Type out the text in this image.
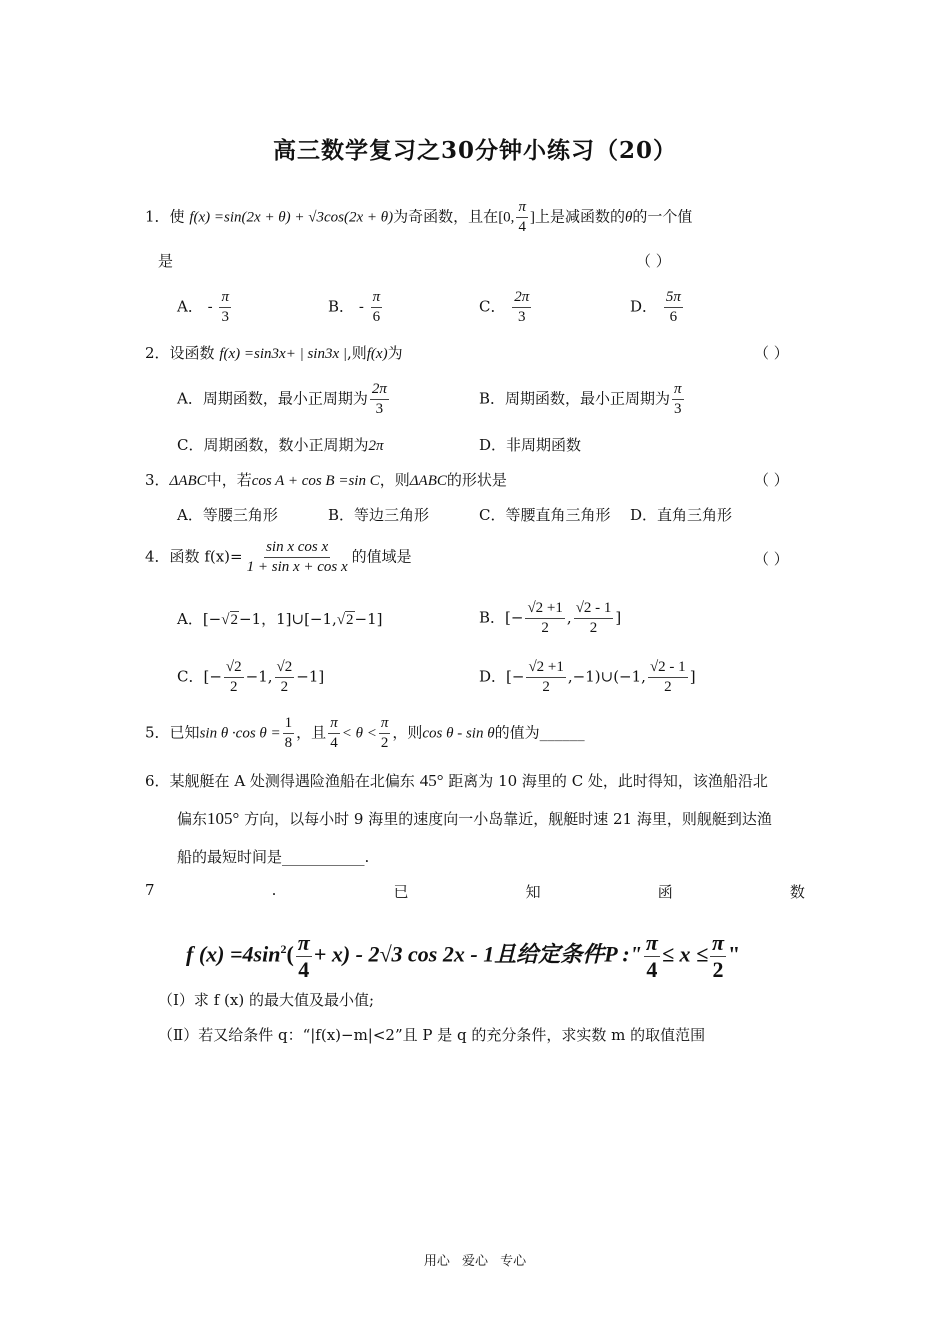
高三数学复习之30分钟小练习（20）
1．使 f(x) =sin(2x + θ) + √3cos(2x + θ)为奇函数，且在[0, $\frac{\pi}{4}$ ]上是减函数的θ的一个值
是	（ ）
A． - $\frac{\pi}{3}$	B． - $\frac{\pi}{6}$	C． $\frac{2\pi}{3}$	D． $\frac{5\pi}{6}$
2．设函数 f(x) =sin3x+ | sin3x |,则f(x)为	（ ）
A．周期函数，最小正周期为 $\frac{2\pi}{3}$	B．周期函数，最小正周期为 $\frac{\pi}{3}$
C．周期函数，数小正周期为2π	D．非周期函数
3．ΔABC中，若cos A + cos B =sin C，则ΔABC的形状是	（ ）
A．等腰三角形	B．等边三角形	C．等腰直角三角形 D．直角三角形
4．函数 $f(x)= \frac{\text{sin x cos x}}{\text{1 + sin x + cos x}}$ 的值域是	（ ）
A．[−√2−1，1]∪[−1,√2−1]	B．[− $\frac{√2 +1}{2}$ , $\frac{√2 - 1}{2}$ ]
C．[− $\frac{√2}{2} -1$, $\frac{√2}{2} -1$]	D．[− $\frac{√2 +1}{2}$ ,−1)∪(−1, $\frac{√2 - 1}{2}$ ]
5．已知sin θ ·cos $\theta = \frac{1}{8}$ ，且 $\frac{\pi}{4} < \theta < \frac{\pi}{2}$ ，则cos θ - sin θ的值为______
6．某舰艇在 A 处测得遇险渔船在北偏东 45° 距离为 10 海里的 C 处，此时得知，该渔船沿北
偏东105° 方向，以每小时 9 海里的速度向一小岛靠近，舰艇时速 21 海里，则舰艇到达渔
船的最短时间是___________.
7	.	已	知	函	数
f $(x) =4\sin^2( \frac{\pi}{4} + x) - 2√3$ cos 2x - 1且给定条件P :" $\frac{\pi}{4} \le x \le \frac{\pi}{2}$ "
（Ⅰ）求 f (x) 的最大值及最小值;
（Ⅱ）若又给条件 q：“|f(x)−m|<2”且 P 是 q 的充分条件，求实数 m 的取值范围
用心 爱心 专心
